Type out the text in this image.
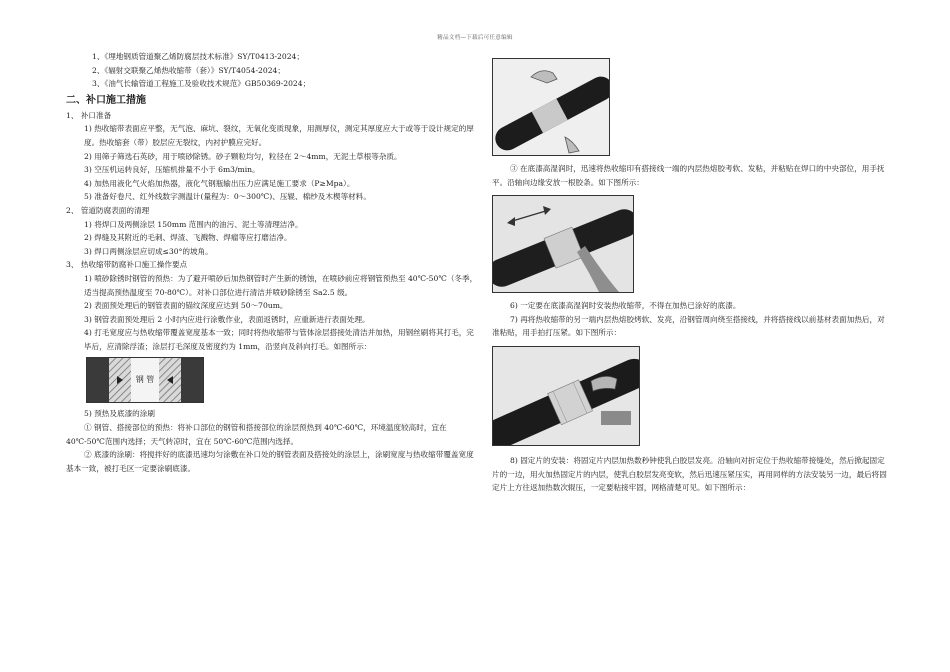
精品文档—下载后可任意编辑

1、《埋地钢质管道聚乙烯防腐层技术标准》SY/T0413-2024；

2、《辐射交联聚乙烯热收缩带（套）》SY/T4054-2024；

3、《油气长输管道工程施工及验收技术规范》GB50369-2024；

二、补口施工措施

1、 补口准备

1) 热收缩带表面应平整，无气泡、麻坑、裂纹，无氧化变质现象，用测厚仪，测定其厚度应大于或等于设计规定的厚度。热收缩套（带）胶层应无裂纹，内衬护膜应完好。

2) 用筛子筛选石英砂，用于喷砂除锈。砂子颗粒均匀，粒径在 2～4mm，无泥土草根等杂质。

3) 空压机运转良好，压缩机排量不小于 6m3/min。

4) 加热用液化气火焰加热器，液化气钢瓶输出压力应满足施工要求（P≥Mpa）。

5) 准备好卷尺、红外线数字测温计(量程为：0～300℃)、压辊、棉纱及木楔等材料。

2、 管道防腐表面的清理

1) 将焊口及两侧涂层 150mm 范围内的油污、泥土等清理洁净。

2) 焊缝及其附近的毛刺、焊渣、飞溅物、焊瘤等应打磨洁净。

3) 焊口两侧涂层应切成≤30°的坡角。

3、 热收缩带防腐补口施工操作要点

1) 喷砂除锈时钢管的预热：为了避开喷砂后加热钢管时产生新的锈蚀，在喷砂前应将钢管预热至 40℃-50℃（冬季，适当提高预热温度至 70-80℃）。对补口部位进行清洁并喷砂除锈至 Sa2.5 级。

2) 表面预处理后的钢管表面的锚纹深度应达到 50～70um。

3) 钢管表面预处理后 2 小时内应进行涂敷作业，表面返锈时，应重新进行表面处理。

4) 打毛宽度应与热收缩带覆盖宽度基本一致；同时将热收缩带与管体涂层搭接处清洁并加热，用钢丝刷将其打毛，完毕后，应清除浮渣；涂层打毛深度及密度约为 1mm，沿竖向及斜向打毛。如图所示：

钢 管

5) 预热及底漆的涂刷

① 钢管、搭接部位的预热：将补口部位的钢管和搭接部位的涂层预热到 40℃-60℃，环境温度较高时，宜在 40℃-50℃范围内选择；天气转凉时，宜在 50℃-60℃范围内选择。

② 底漆的涂刷：将搅拌好的底漆迅速均匀涂敷在补口处的钢管表面及搭接处的涂层上，涂刷宽度与热收缩带覆盖宽度基本一致，被打毛区一定要涂刷底漆。

③ 在底漆高湿润时，迅速将热收缩印有搭接线一端的内层热熔胶考软、发粘，并粘贴在焊口的中央部位，用手抚平。沿轴向边缘安放一根胶条。如下图所示：

6) 一定要在底漆高湿润时安装热收缩带，不得在加热已涂好的底漆。

7) 再将热收缩带的另一端内层热熔胶烤软、发亮，沿钢管周向绕至搭接线，并将搭接线以前基材表面加热后，对准粘贴，用手拍打压紧。如下图所示：

8) 固定片的安装：将固定片内层加热数秒钟使乳白胶层发亮。沿轴向对折定位于热收缩带接缝处，然后掀起固定片的一边，用火加热固定片的内层，使乳白胶层发亮变软，然后迅速压紧压实，再用同样的方法安装另一边，最后将固定片上方往返加热数次辊压，一定要粘接牢固，网格清楚可见。如下图所示：
